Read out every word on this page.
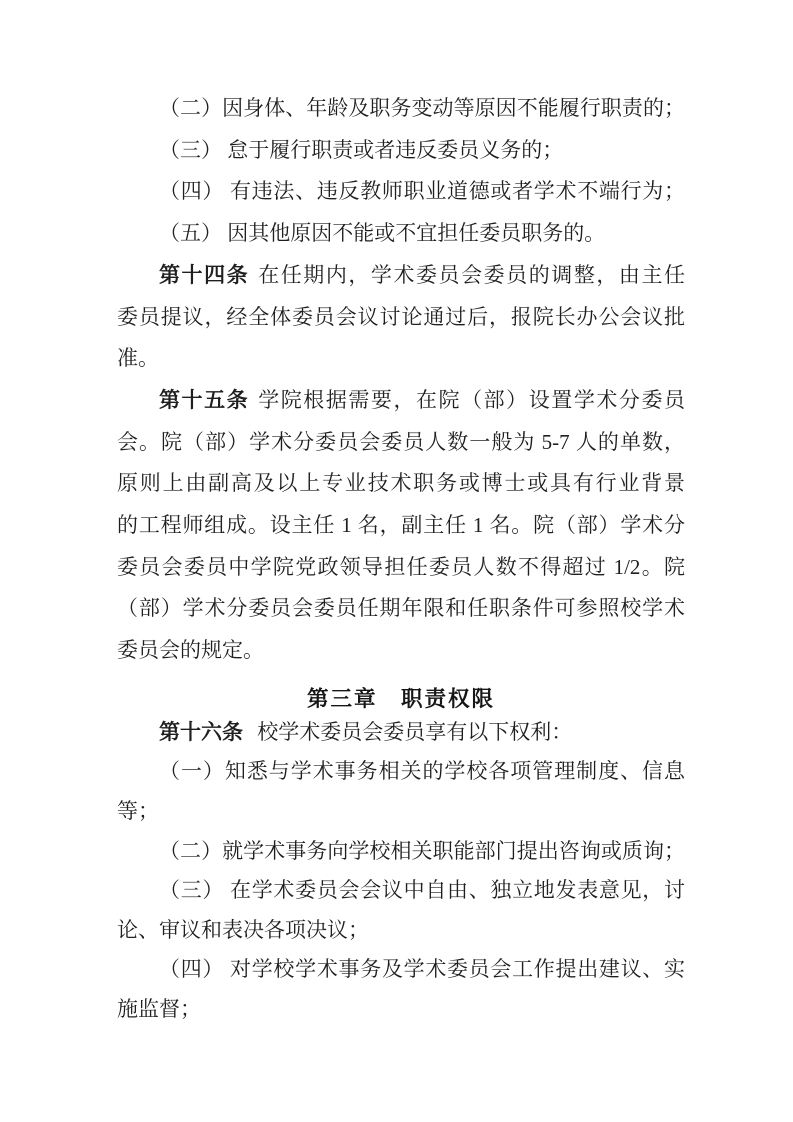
（二）因身体、年龄及职务变动等原因不能履行职责的；
（三） 怠于履行职责或者违反委员义务的；
（四） 有违法、违反教师职业道德或者学术不端行为；
（五） 因其他原因不能或不宜担任委员职务的。
第十四条 在任期内，学术委员会委员的调整，由主任
委员提议，经全体委员会议讨论通过后，报院长办公会议批
准。
第十五条 学院根据需要，在院（部）设置学术分委员
会。院（部）学术分委员会委员人数一般为 5-7 人的单数，
原则上由副高及以上专业技术职务或博士或具有行业背景
的工程师组成。设主任 1 名，副主任 1 名。院（部）学术分
委员会委员中学院党政领导担任委员人数不得超过 1/2。院
（部）学术分委员会委员任期年限和任职条件可参照校学术
委员会的规定。
第三章　职责权限
第十六条 校学术委员会委员享有以下权利：
（一）知悉与学术事务相关的学校各项管理制度、信息
等；
（二）就学术事务向学校相关职能部门提出咨询或质询；
（三） 在学术委员会会议中自由、独立地发表意见，讨
论、审议和表决各项决议；
（四） 对学校学术事务及学术委员会工作提出建议、实
施监督；
